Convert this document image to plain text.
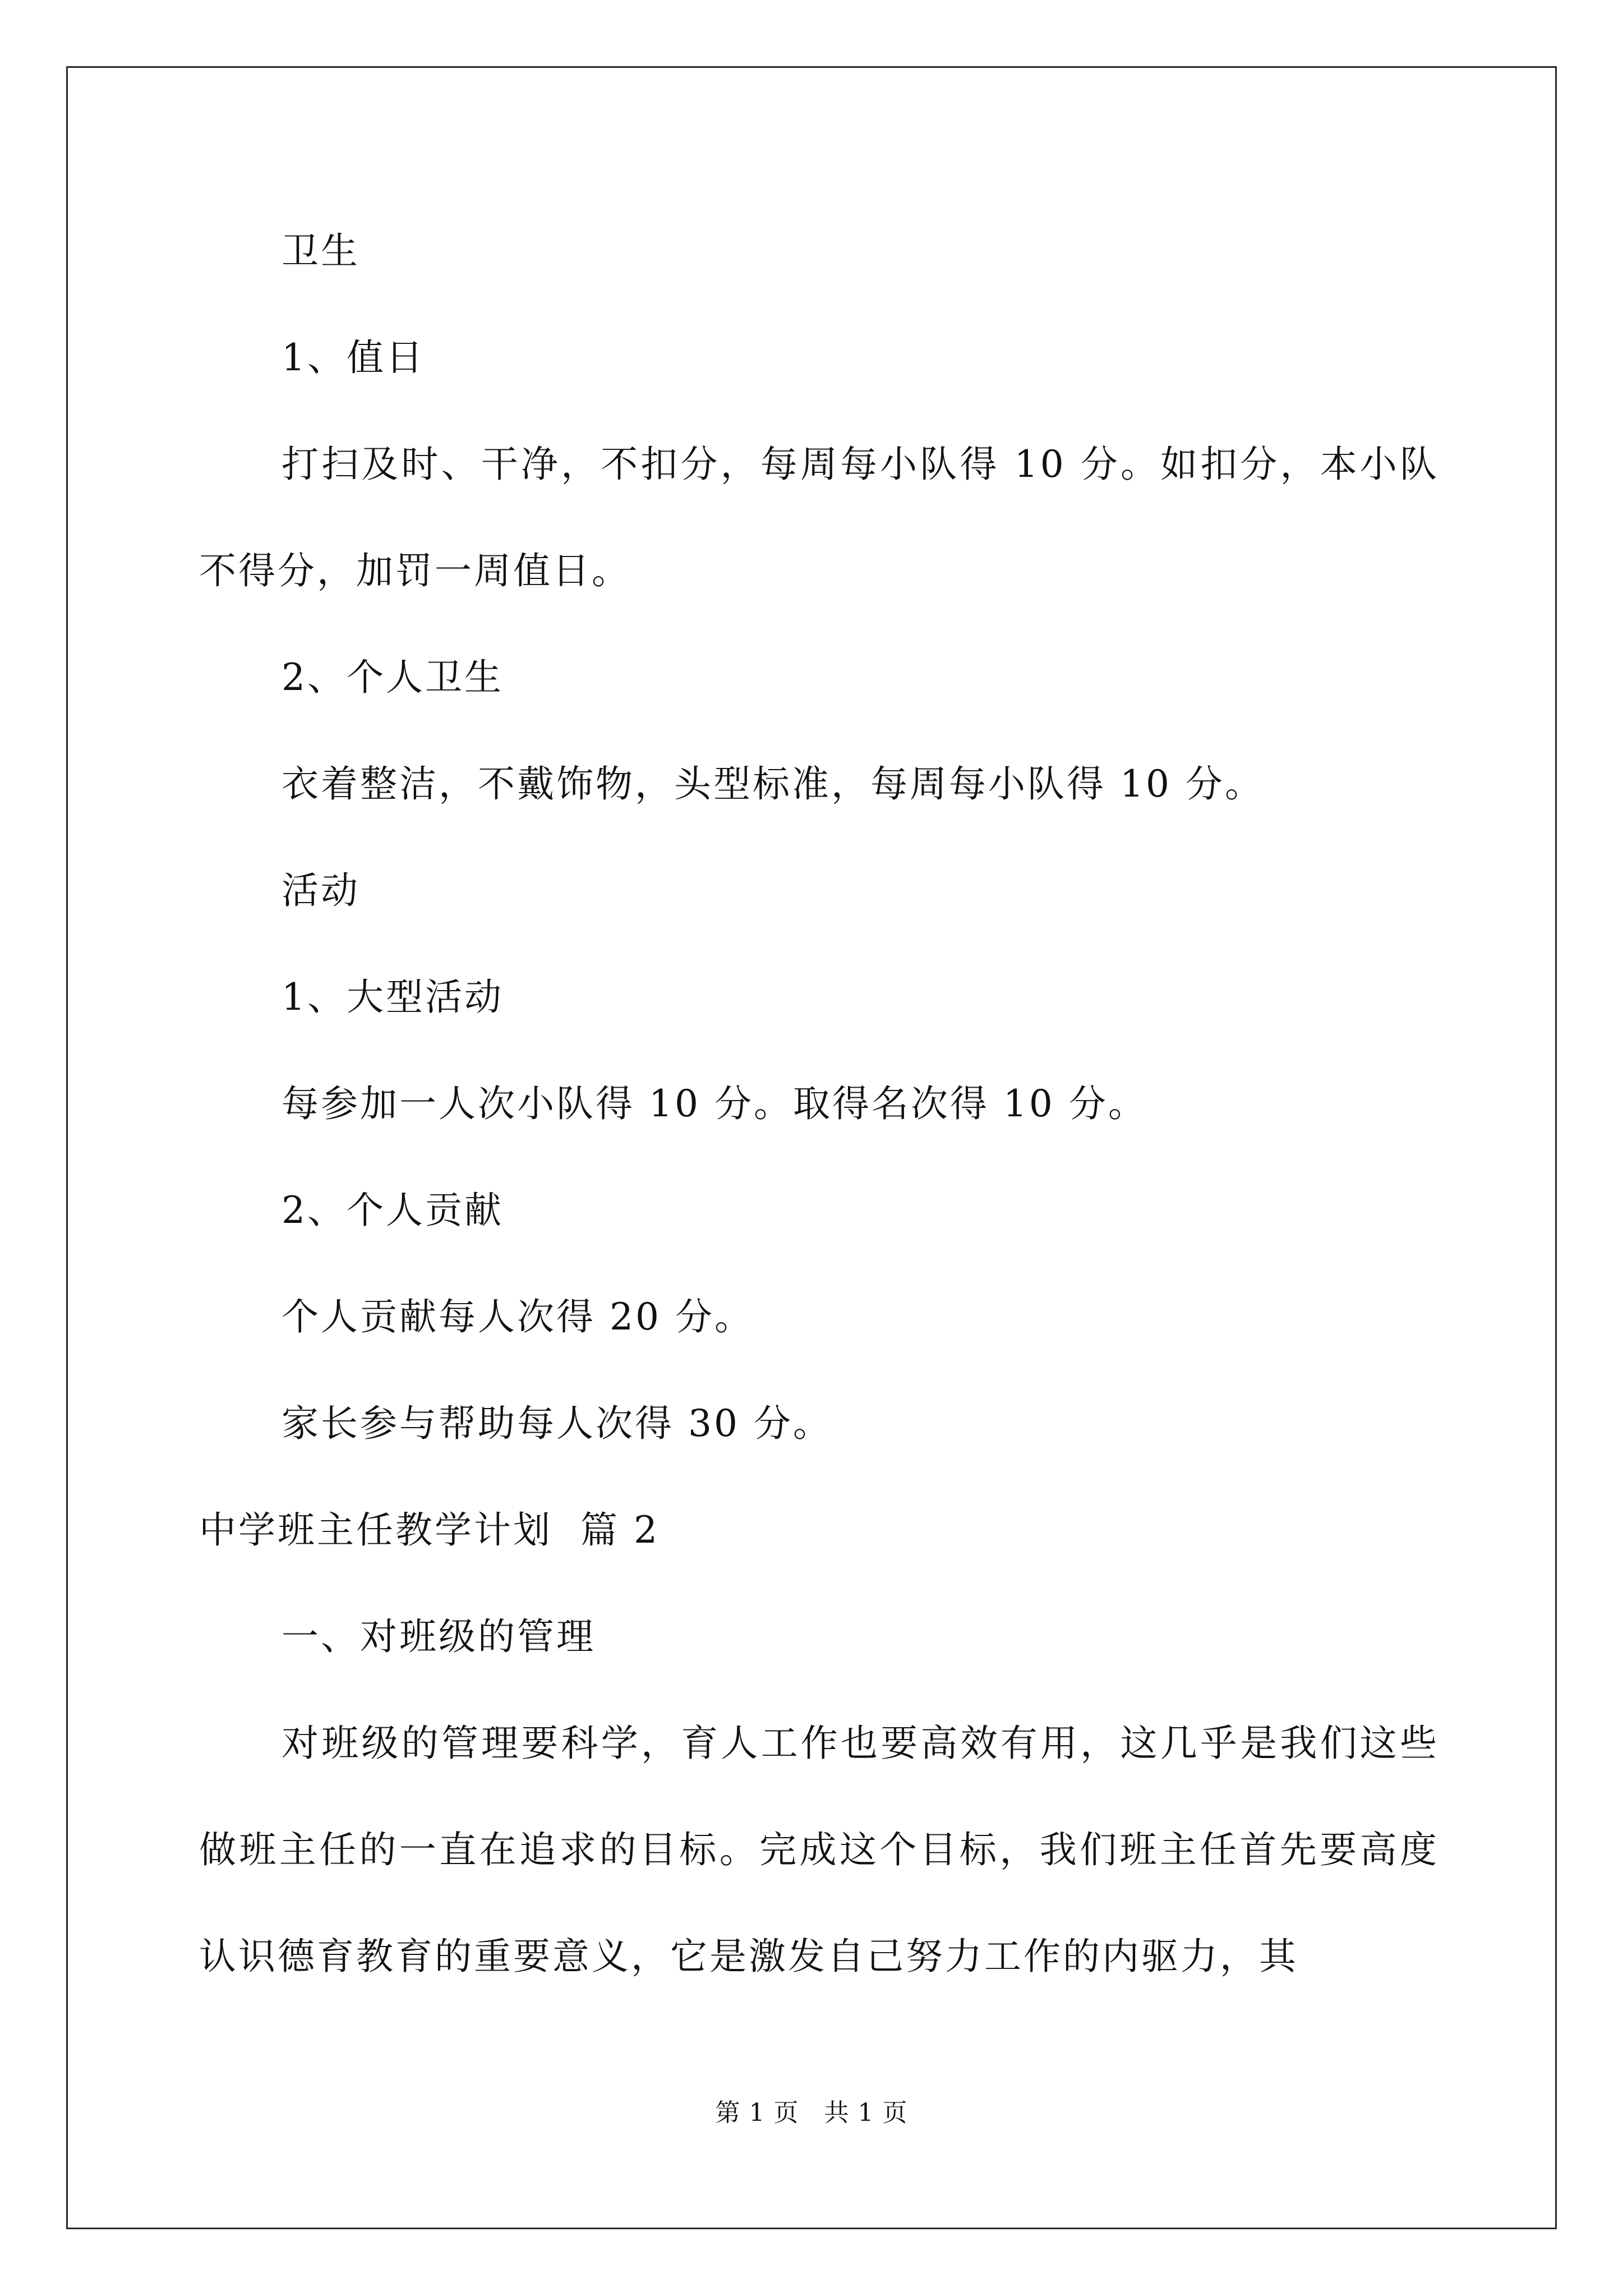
卫生

1、值日

打扫及时、干净，不扣分，每周每小队得 10 分。如扣分，本小队不得分，加罚一周值日。

2、个人卫生

衣着整洁，不戴饰物，头型标准，每周每小队得 10 分。

活动

1、大型活动

每参加一人次小队得 10 分。取得名次得 10 分。

2、个人贡献

个人贡献每人次得 20 分。

家长参与帮助每人次得 30 分。

中学班主任教学计划  篇 2

一、对班级的管理

对班级的管理要科学，育人工作也要高效有用，这几乎是我们这些做班主任的一直在追求的目标。完成这个目标，我们班主任首先要高度认识德育教育的重要意义，它是激发自己努力工作的内驱力，其

第 1 页   共 1 页
